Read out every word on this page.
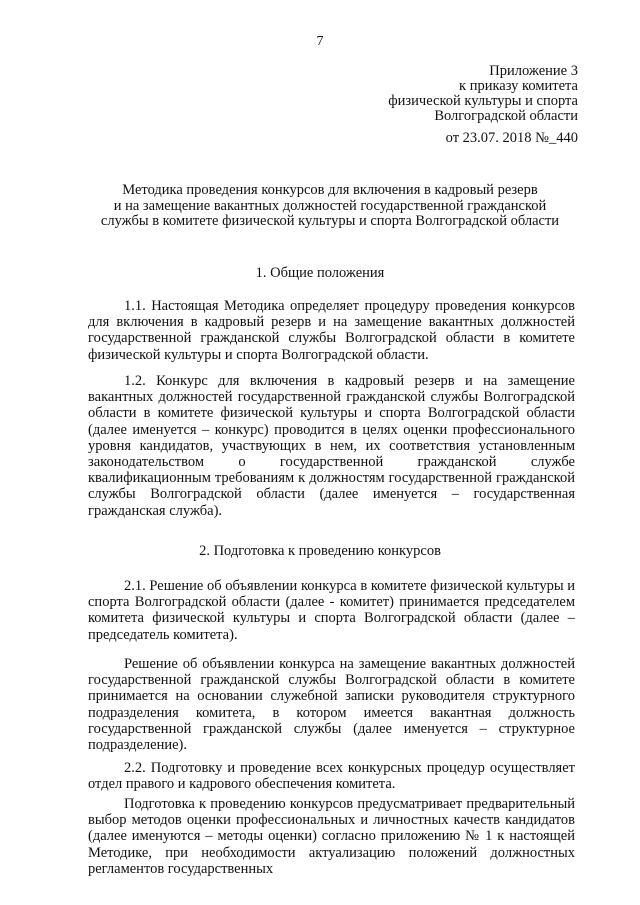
7
Приложение 3
к приказу комитета
физической культуры и спорта
Волгоградской области
от 23.07. 2018 №_440
Методика проведения конкурсов для включения в кадровый резерв
и на замещение вакантных должностей государственной гражданской
службы в комитете физической культуры и спорта Волгоградской области
1. Общие положения

1.1. Настоящая Методика определяет процедуру проведения конкурсов для включения в кадровый резерв и на замещение вакантных должностей государственной гражданской службы Волгоградской области в комитете физической культуры и спорта Волгоградской области.

1.2. Конкурс для включения в кадровый резерв и на замещение вакантных должностей государственной гражданской службы Волгоградской области в комитете физической культуры и спорта Волгоградской области (далее именуется – конкурс) проводится в целях оценки профессионального уровня кандидатов, участвующих в нем, их соответствия установленным законодательством о государственной гражданской службе квалификационным требованиям к должностям государственной гражданской службы Волгоградской области (далее именуется – государственная гражданская служба).

2. Подготовка к проведению конкурсов

2.1. Решение об объявлении конкурса в комитете физической культуры и спорта Волгоградской области (далее - комитет) принимается председателем комитета физической культуры и спорта Волгоградской области (далее – председатель комитета).

Решение об объявлении конкурса на замещение вакантных должностей государственной гражданской службы Волгоградской области в комитете принимается на основании служебной записки руководителя структурного подразделения комитета, в котором имеется вакантная должность государственной гражданской службы (далее именуется – структурное подразделение).

2.2. Подготовку и проведение всех конкурсных процедур осуществляет отдел правого и кадрового обеспечения комитета.

Подготовка к проведению конкурсов предусматривает предварительный выбор методов оценки профессиональных и личностных качеств кандидатов (далее именуются – методы оценки) согласно приложению № 1 к настоящей Методике, при необходимости актуализацию положений должностных регламентов государственных
